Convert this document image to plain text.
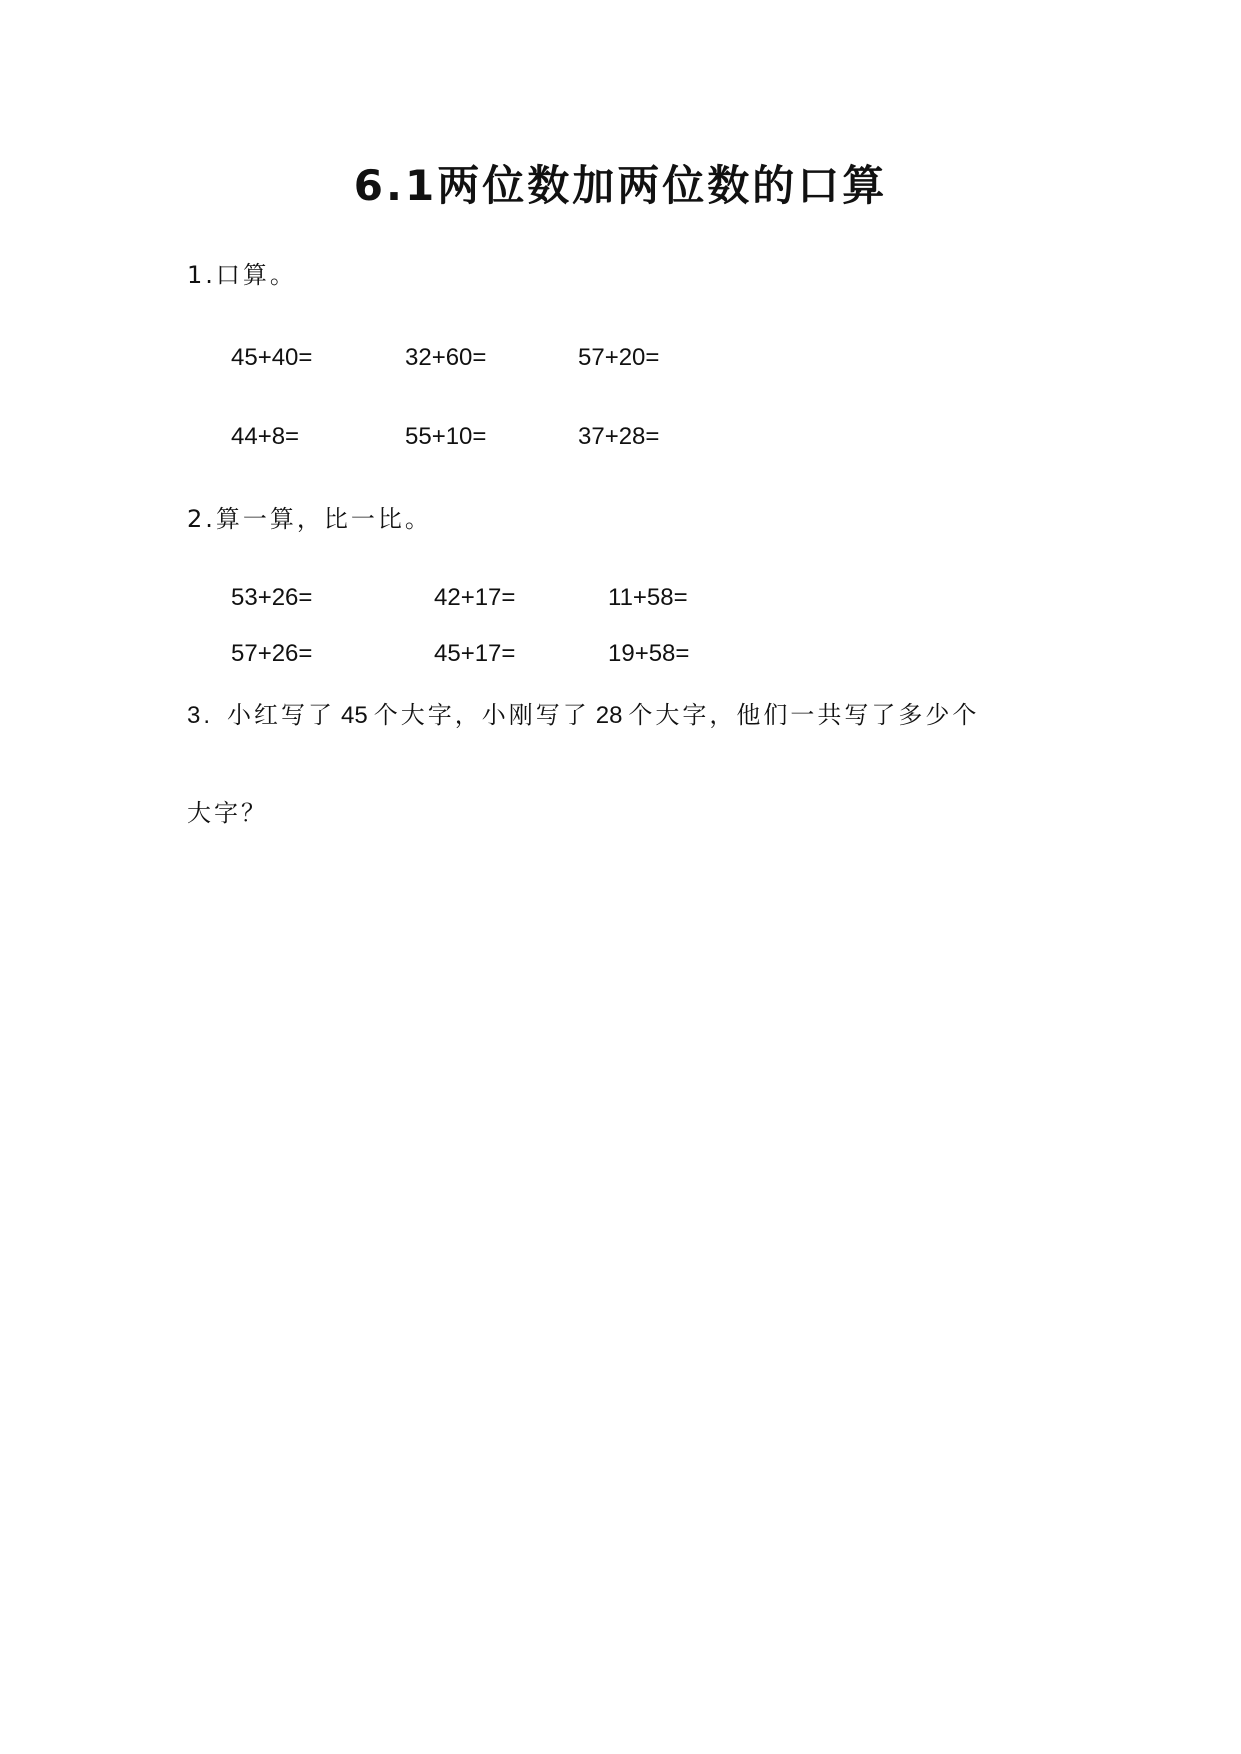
6.1两位数加两位数的口算
1.口算。
45+40=	32+60=	57+20=
44+8=	55+10=	37+28=
2.算一算，比一比。
53+26=	42+17=	11+58=
57+26=	45+17=	19+58=
3. 小红写了 45 个大字，小刚写了 28 个大字，他们一共写了多少个
大字？
